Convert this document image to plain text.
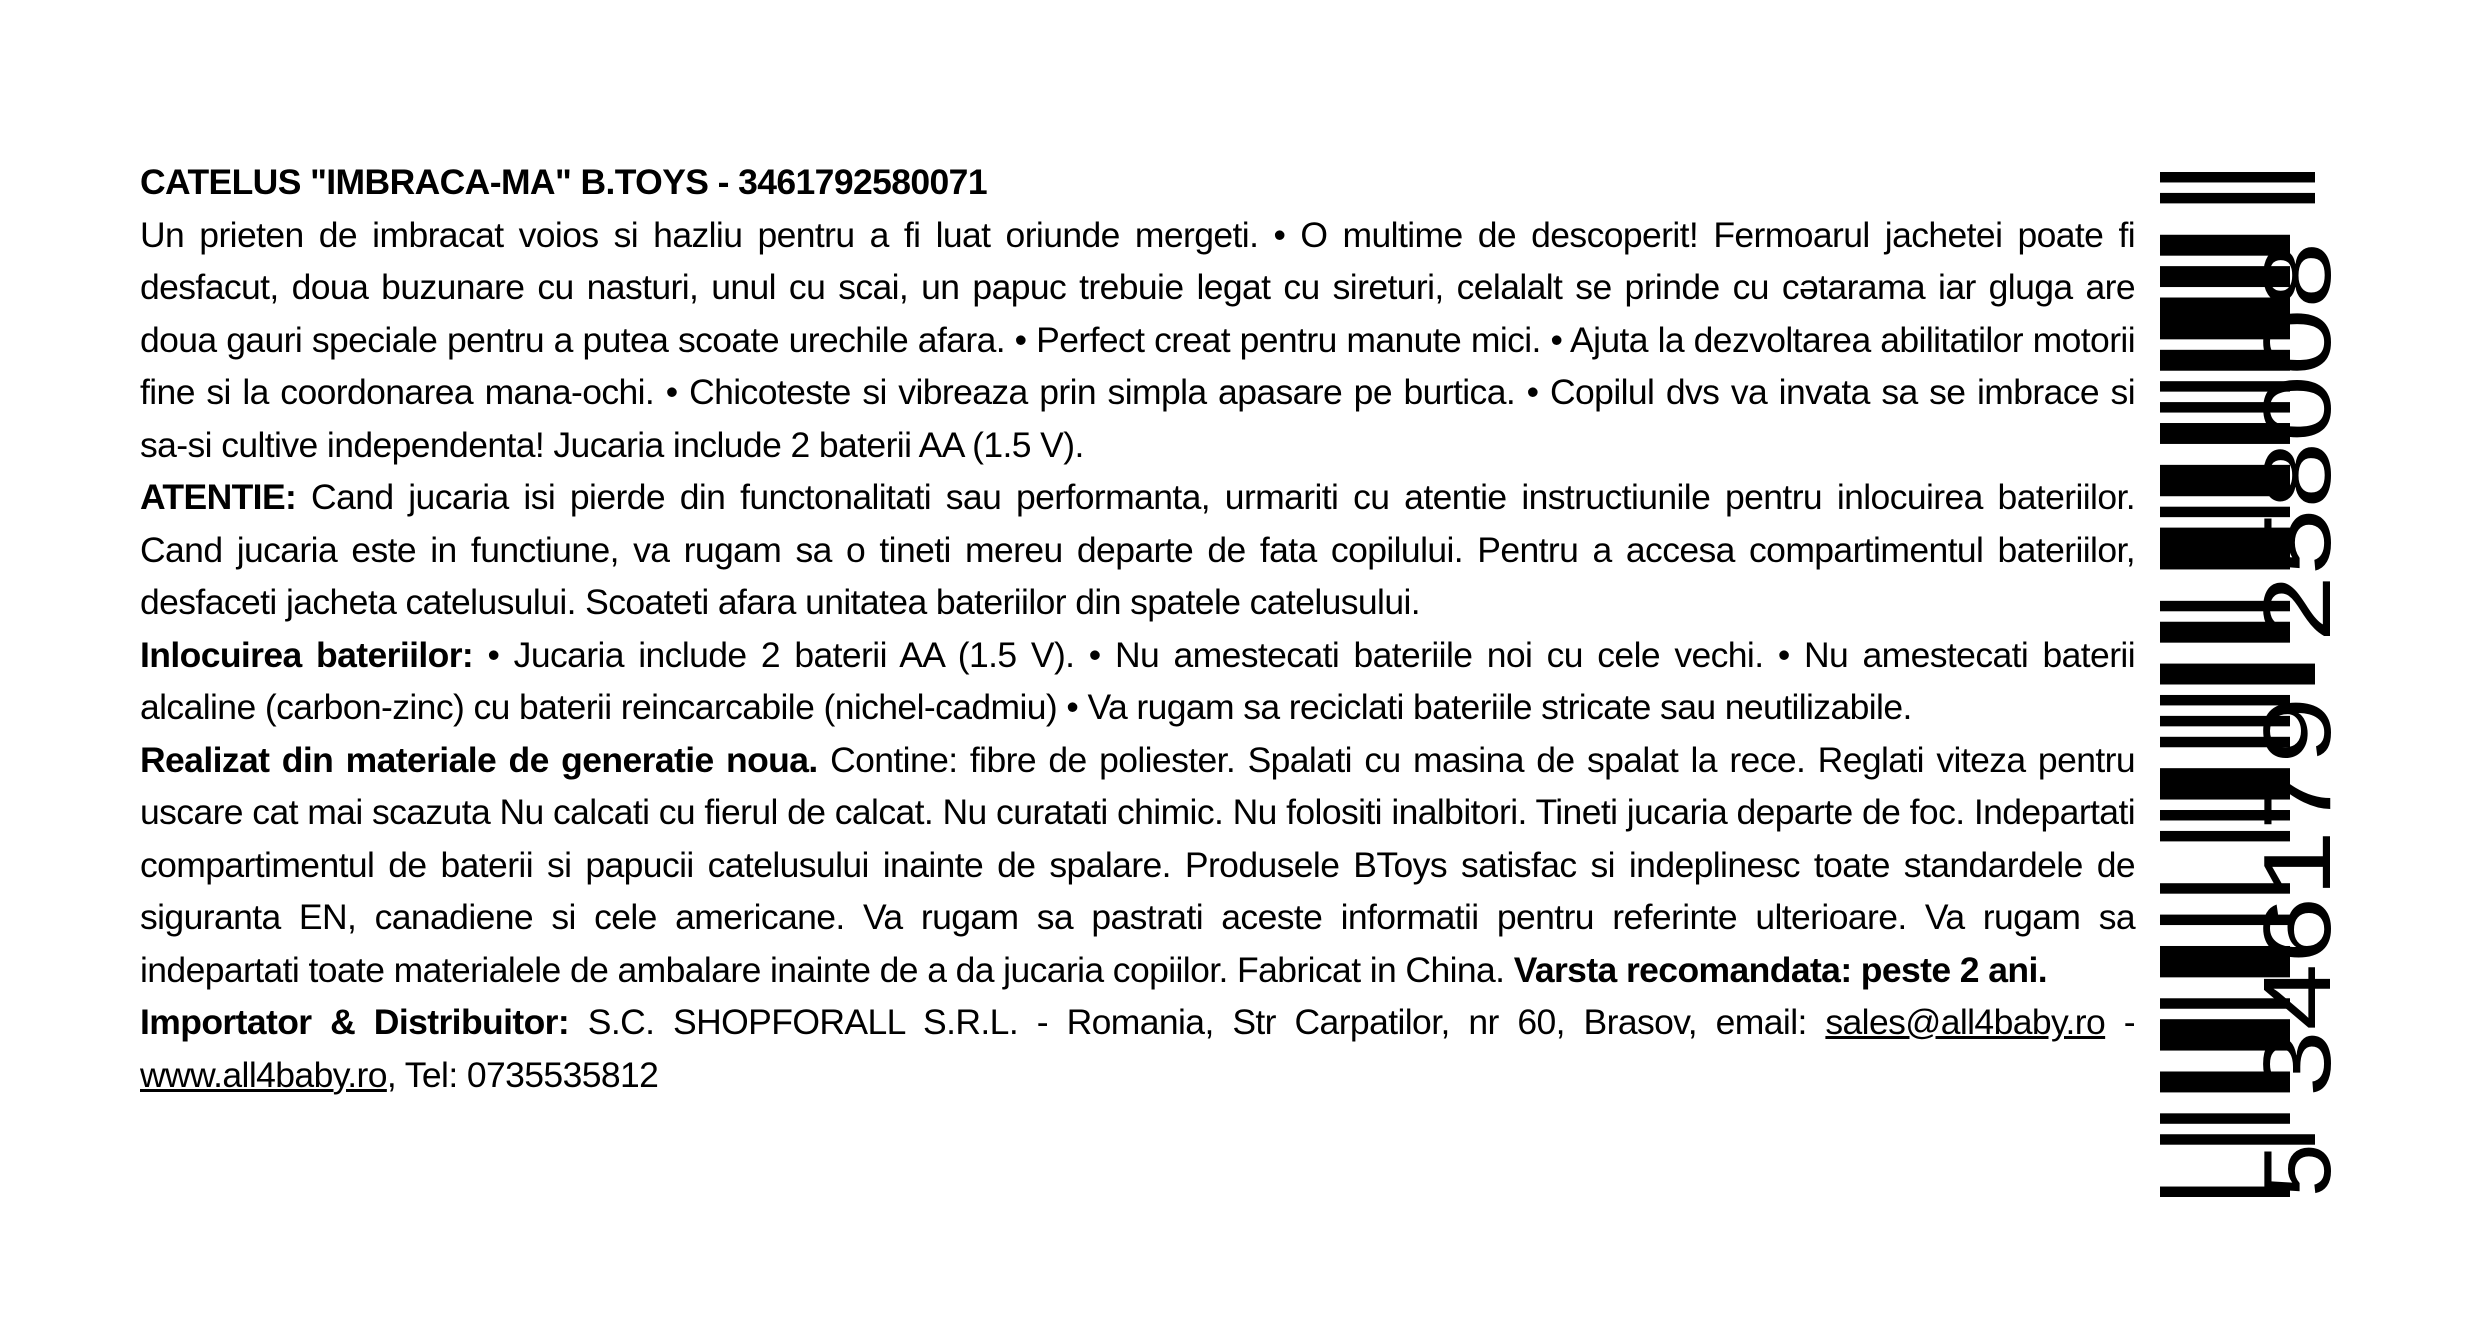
CATELUS "IMBRACA-MA" B.TOYS - 3461792580071

Un prieten de imbracat voios si hazliu pentru a fi luat oriunde mergeti. • O multime de descoperit! Fermoarul jachetei poate fi desfacut, doua buzunare cu nasturi, unul cu scai, un papuc trebuie legat cu sireturi, celalalt se prinde cu cətarama iar gluga are doua gauri speciale pentru a putea scoate urechile afara. • Perfect creat pentru manute mici. • Ajuta la dezvoltarea abilitatilor motorii fine si la coordonarea mana-ochi. • Chicoteste si vibreaza prin simpla apasare pe burtica. • Copilul dvs va invata sa se imbrace si sa-si cultive independenta! Jucaria include 2 baterii AA (1.5 V).

ATENTIE: Cand jucaria isi pierde din functonalitati sau performanta, urmariti cu atentie instructiunile pentru inlocuirea bateriilor. Cand jucaria este in functiune, va rugam sa o tineti mereu departe de fata copilului. Pentru a accesa compartimentul bateriilor, desfaceti jacheta catelusului. Scoateti afara unitatea bateriilor din spatele catelusului.

Inlocuirea bateriilor: • Jucaria include 2 baterii AA (1.5 V). • Nu amestecati bateriile noi cu cele vechi. • Nu amestecati baterii alcaline (carbon-zinc) cu baterii reincarcabile (nichel-cadmiu) • Va rugam sa reciclati bateriile stricate sau neutilizabile.

Realizat din materiale de generatie noua. Contine: fibre de poliester. Spalati cu masina de spalat la rece. Reglati viteza pentru uscare cat mai scazuta Nu calcati cu fierul de calcat. Nu curatati chimic. Nu folositi inalbitori. Tineti jucaria departe de foc. Indepartati compartimentul de baterii si papucii catelusului inainte de spalare. Produsele BToys satisfac si indeplinesc toate standardele de siguranta EN, canadiene si cele americane. Va rugam sa pastrati aceste informatii pentru referinte ulterioare. Va rugam sa indepartati toate materialele de ambalare inainte de a da jucaria copiilor. Fabricat in China. Varsta recomandata: peste 2 ani.

Importator & Distribuitor: S.C. SHOPFORALL S.R.L. - Romania, Str Carpatilor, nr 60, Brasov, email: sales@all4baby.ro - www.all4baby.ro, Tel: 0735535812

5
346179
258008
